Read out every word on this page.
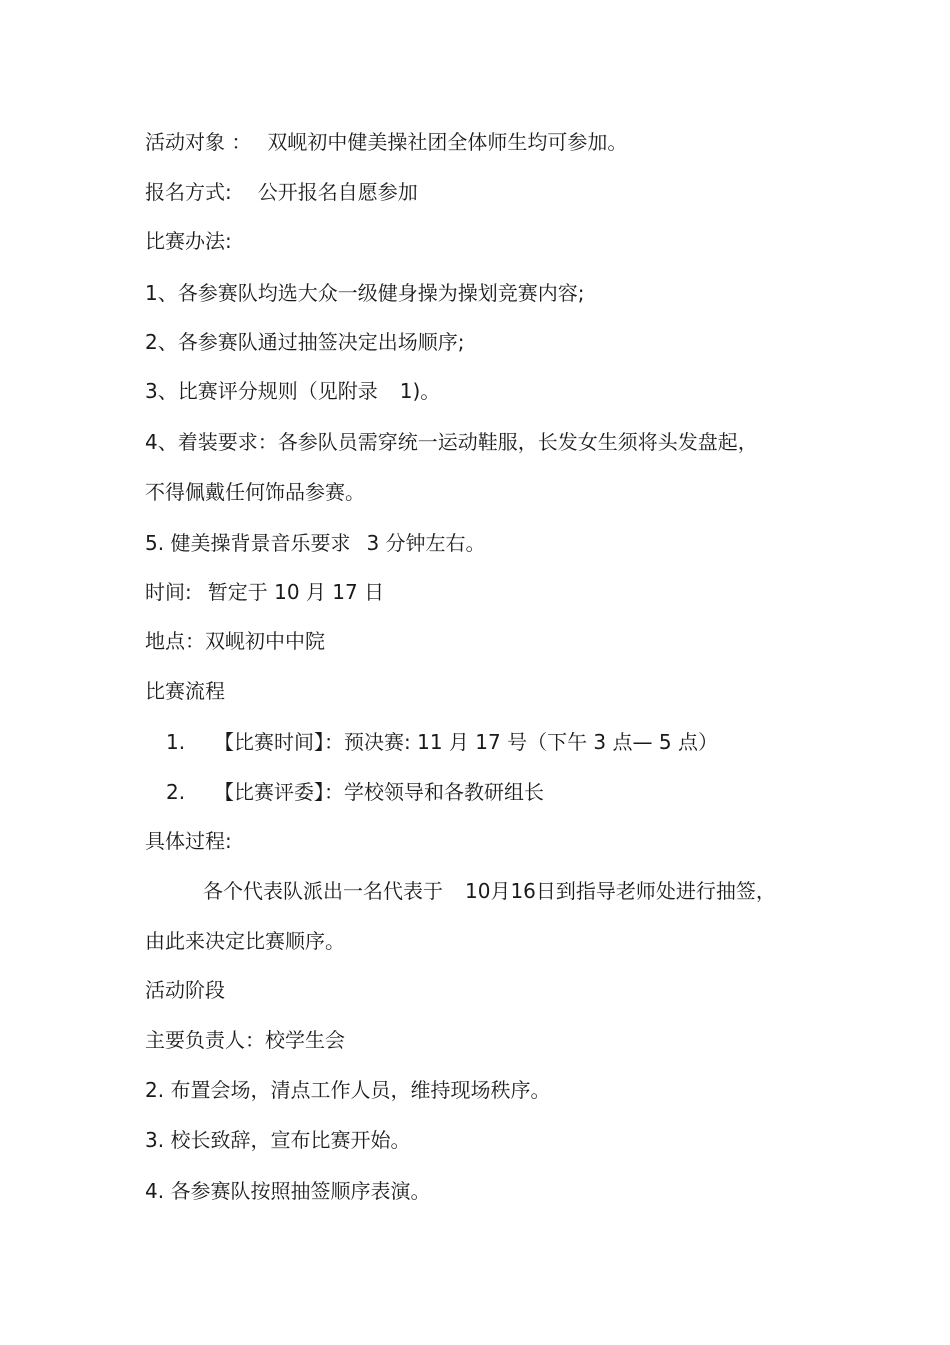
活动对象 ： 双岘初中健美操社团全体师生均可参加。
报名方式: 公开报名自愿参加
比赛办法:
1、各参赛队均选大众一级健身操为操划竞赛内容;
2、各参赛队通过抽签决定出场顺序;
3、比赛评分规则（见附录 1)。
4、着装要求：各参队员需穿统一运动鞋服，长发女生须将头发盘起，
不得佩戴任何饰品参赛。
5. 健美操背景音乐要求 3 分钟左右。
时间: 暂定于 10 月 17 日
地点：双岘初中中院
比赛流程
1. 【比赛时间】：预决赛: 11 月 17 号（下午 3 点— 5 点）
2. 【比赛评委】：学校领导和各教研组长
具体过程:
各个代表队派出一名代表于 10月16日到指导老师处进行抽签，
由此来决定比赛顺序。
活动阶段
主要负责人：校学生会
2. 布置会场，清点工作人员，维持现场秩序。
3. 校长致辞，宣布比赛开始。
4. 各参赛队按照抽签顺序表演。
